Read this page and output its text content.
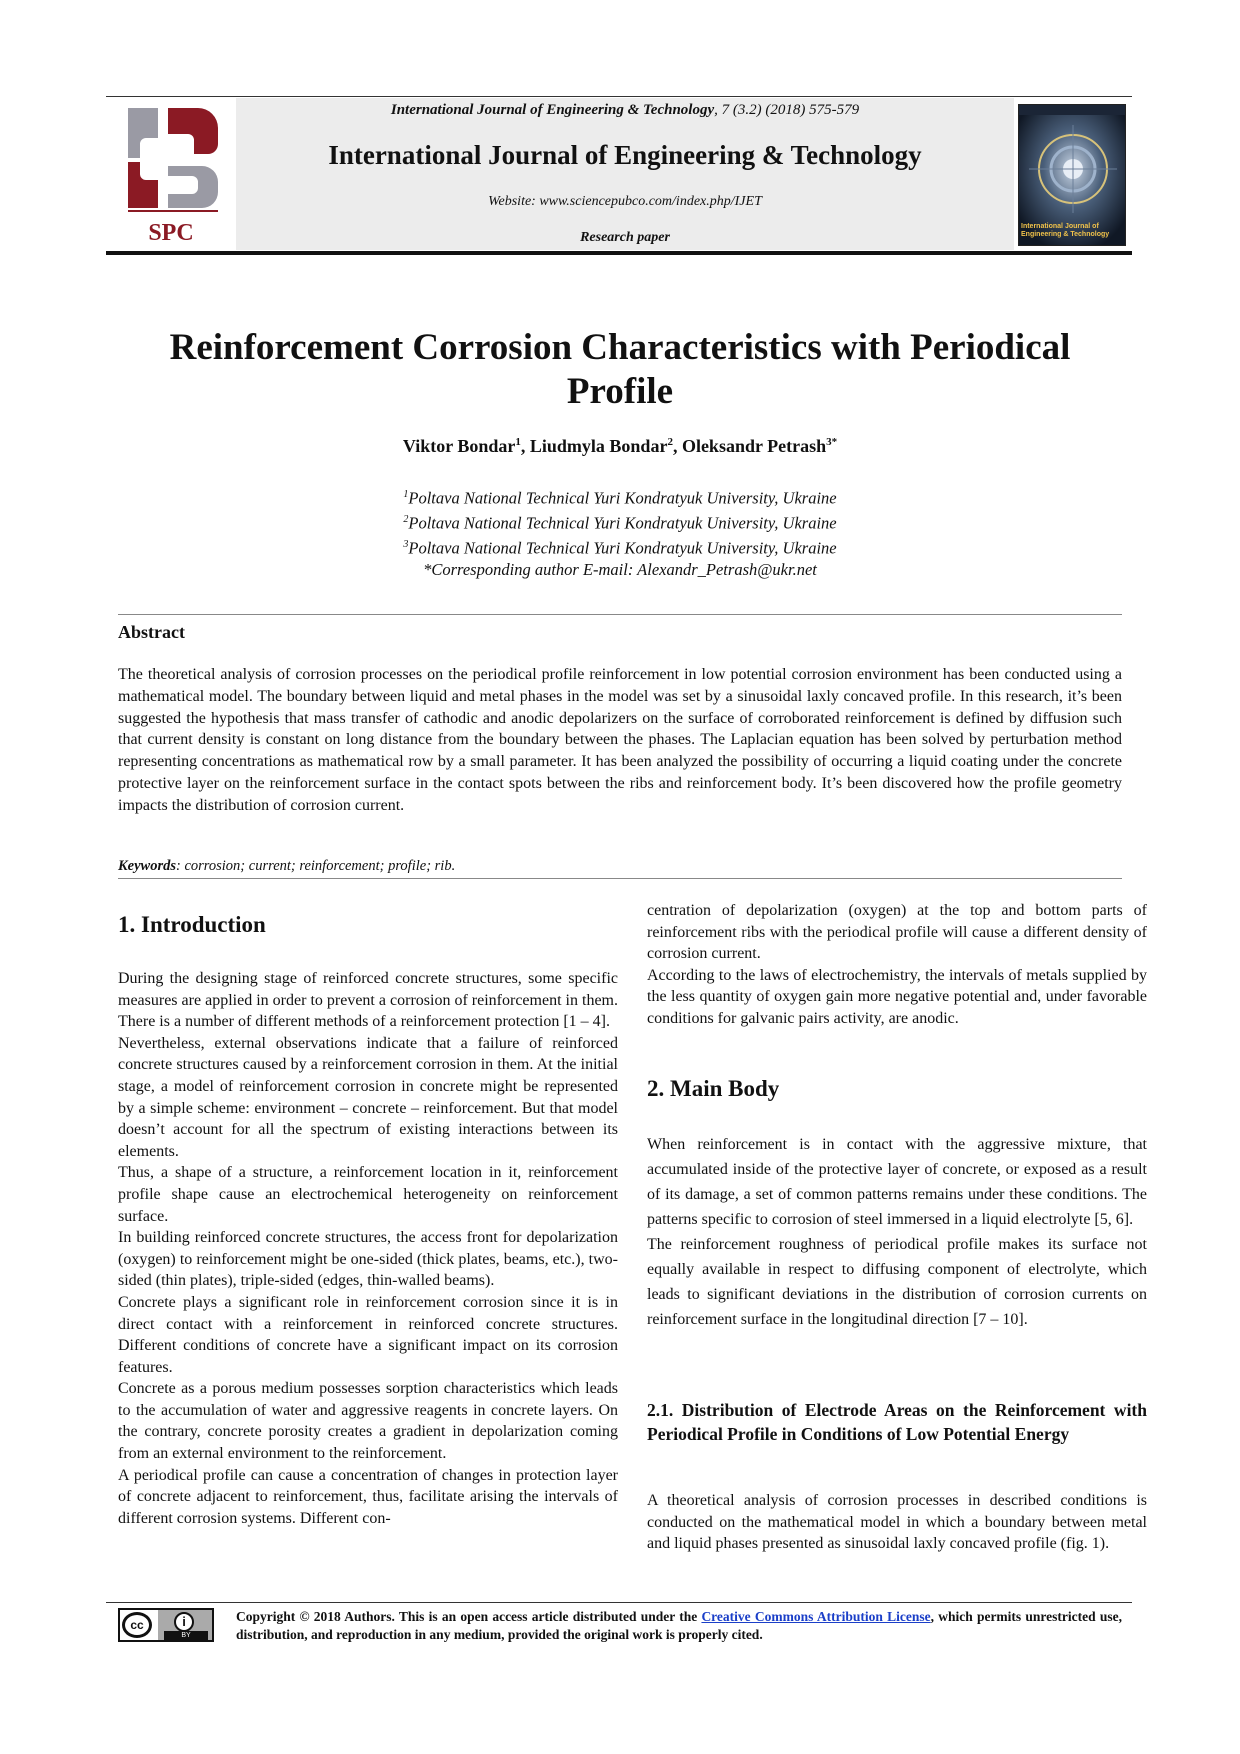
SPC	International Journal of Engineering & Technology
International Journal of Engineering & Technology, 7 (3.2) (2018) 575-579
International Journal of Engineering & Technology
Website: www.sciencepubco.com/index.php/IJET
Research paper
Reinforcement Corrosion Characteristics with Periodical
Profile
Viktor Bondar$^1$, Liudmyla Bondar$^2$, Oleksandr Petrash$^{3*}$
$^1$Poltava National Technical Yuri Kondratyuk University, Ukraine
$^2$Poltava National Technical Yuri Kondratyuk University, Ukraine
$^3$Poltava National Technical Yuri Kondratyuk University, Ukraine
*Corresponding author E-mail: Alexandr_Petrash@ukr.net
Abstract
The theoretical analysis of corrosion processes on the periodical profile reinforcement in low potential corrosion environment has been conducted using a mathematical model. The boundary between liquid and metal phases in the model was set by a sinusoidal laxly concaved profile. In this research, it’s been suggested the hypothesis that mass transfer of cathodic and anodic depolarizers on the surface of corroborated reinforcement is defined by diffusion such that current density is constant on long distance from the boundary between the phases. The Laplacian equation has been solved by perturbation method representing concentrations as mathematical row by a small parameter. It has been analyzed the possibility of occurring a liquid coating under the concrete protective layer on the reinforcement surface in the contact spots between the ribs and reinforcement body. It’s been discovered how the profile geometry impacts the distribution of corrosion current.
Keywords: corrosion; current; reinforcement; profile; rib.
1. Introduction

During the designing stage of reinforced concrete structures, some specific measures are applied in order to prevent a corrosion of reinforcement in them. There is a number of different methods of a reinforcement protection [1 – 4].

Nevertheless, external observations indicate that a failure of reinforced concrete structures caused by a reinforcement corrosion in them. At the initial stage, a model of reinforcement corrosion in concrete might be represented by a simple scheme: environment – concrete – reinforcement. But that model doesn’t account for all the spectrum of existing interactions between its elements.

Thus, a shape of a structure, a reinforcement location in it, reinforcement profile shape cause an electrochemical heterogeneity on reinforcement surface.

In building reinforced concrete structures, the access front for depolarization (oxygen) to reinforcement might be one-sided (thick plates, beams, etc.), two-sided (thin plates), triple-sided (edges, thin-walled beams).

Concrete plays a significant role in reinforcement corrosion since it is in direct contact with a reinforcement in reinforced concrete structures. Different conditions of concrete have a significant impact on its corrosion features.

Concrete as a porous medium possesses sorption characteristics which leads to the accumulation of water and aggressive reagents in concrete layers. On the contrary, concrete porosity creates a gradient in depolarization coming from an external environment to the reinforcement.

A periodical profile can cause a concentration of changes in protection layer of concrete adjacent to reinforcement, thus, facilitate arising the intervals of different corrosion systems. Different con-

centration of depolarization (oxygen) at the top and bottom parts of reinforcement ribs with the periodical profile will cause a different density of corrosion current.

According to the laws of electrochemistry, the intervals of metals supplied by the less quantity of oxygen gain more negative potential and, under favorable conditions for galvanic pairs activity, are anodic.

2. Main Body

When reinforcement is in contact with the aggressive mixture, that accumulated inside of the protective layer of concrete, or exposed as a result of its damage, a set of common patterns remains under these conditions. The patterns specific to corrosion of steel immersed in a liquid electrolyte [5, 6].

The reinforcement roughness of periodical profile makes its surface not equally available in respect to diffusing component of electrolyte, which leads to significant deviations in the distribution of corrosion currents on reinforcement surface in the longitudinal direction [7 – 10].

2.1. Distribution of Electrode Areas on the Reinforcement with Periodical Profile in Conditions of Low Potential Energy

A theoretical analysis of corrosion processes in described conditions is conducted on the mathematical model in which a boundary between metal and liquid phases presented as sinusoidal laxly concaved profile (fig. 1).

cc	i
BY
Copyright © 2018 Authors. This is an open access article distributed under the Creative Commons Attribution License, which permits unrestricted use, distribution, and reproduction in any medium, provided the original work is properly cited.
